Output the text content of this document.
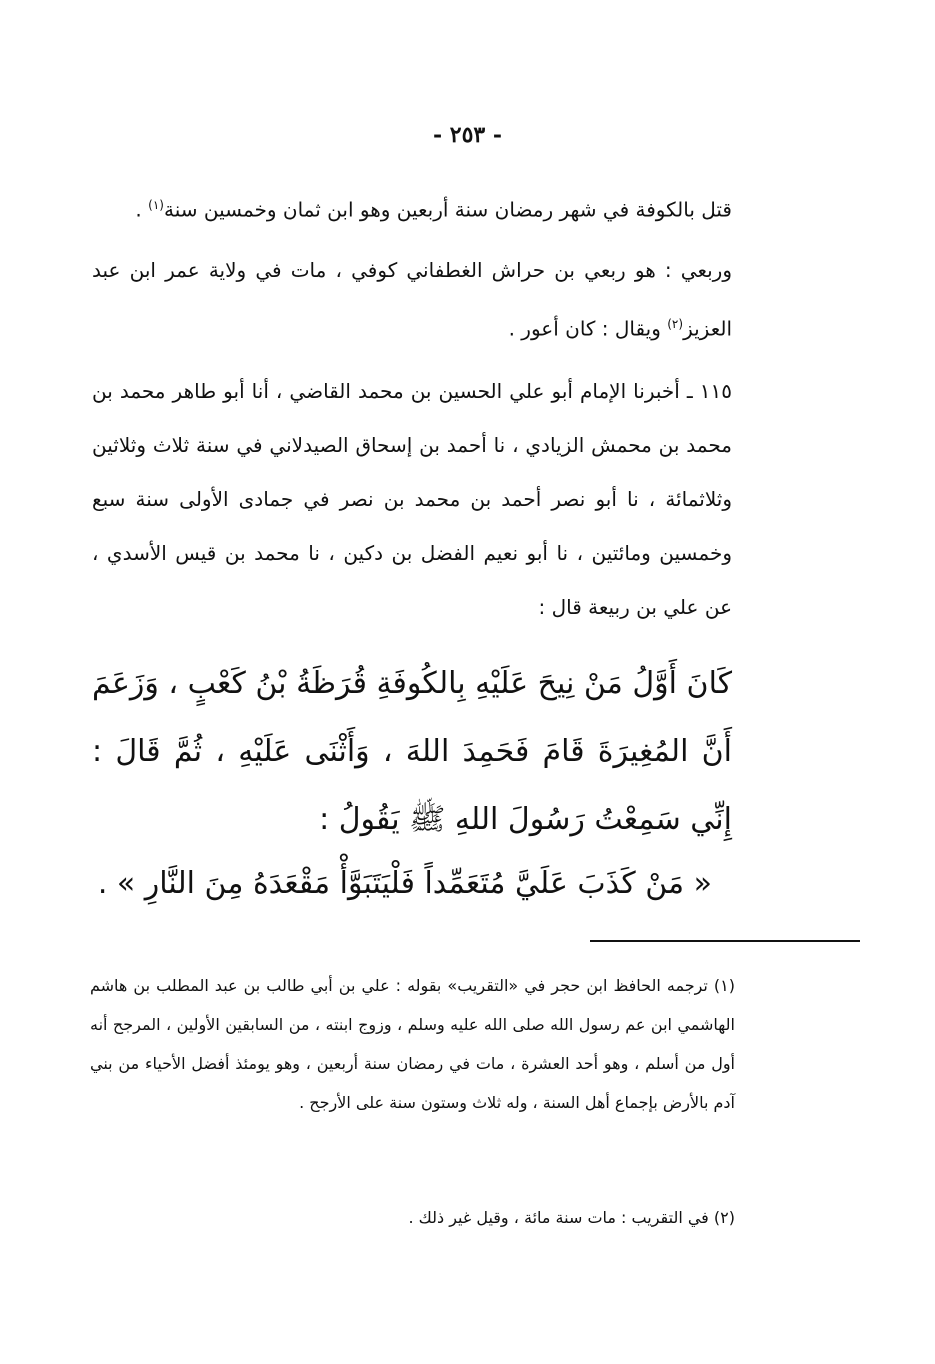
- ٢٥٣ -

قتل بالكوفة في شهر رمضان سنة أربعين وهو ابن ثمان وخمسين سنة$^{(١)}$ .

وربعي : هو ربعي بن حراش الغطفاني كوفي ، مات في ولاية عمر ابن عبد العزيز$^{(٢)}$ ويقال : كان أعور .

١١٥ ـ أخبرنا الإمام أبو علي الحسين بن محمد القاضي ، أنا أبو طاهر محمد بن محمد بن محمش الزيادي ، نا أحمد بن إسحاق الصيدلاني في سنة ثلاث وثلاثين وثلاثمائة ، نا أبو نصر أحمد بن محمد بن نصر في جمادى الأولى سنة سبع وخمسين ومائتين ، نا أبو نعيم الفضل بن دكين ، نا محمد بن قيس الأسدي ، عن علي بن ربيعة قال :

كَانَ أَوَّلُ مَنْ نِيحَ عَلَيْهِ بِالكُوفَةِ قُرَظَةُ بْنُ كَعْبٍ ، وَزَعَمَ أَنَّ المُغِيرَةَ قَامَ فَحَمِدَ اللهَ ، وَأَثْنَى عَلَيْهِ ، ثُمَّ قَالَ : إِنِّي سَمِعْتُ رَسُولَ اللهِ ﷺ يَقُولُ :

« مَنْ كَذَبَ عَلَيَّ مُتَعَمِّداً فَلْيَتَبَوَّأْ مَقْعَدَهُ مِنَ النَّارِ » .

(١) ترجمه الحافظ ابن حجر في «التقريب» بقوله : علي بن أبي طالب بن عبد المطلب بن هاشم الهاشمي ابن عم رسول الله صلى الله عليه وسلم ، وزوج ابنته ، من السابقين الأولين ، المرجح أنه أول من أسلم ، وهو أحد العشرة ، مات في رمضان سنة أربعين ، وهو يومئذ أفضل الأحياء من بني آدم بالأرض بإجماع أهل السنة ، وله ثلاث وستون سنة على الأرجح .

(٢) في التقريب : مات سنة مائة ، وقيل غير ذلك .
